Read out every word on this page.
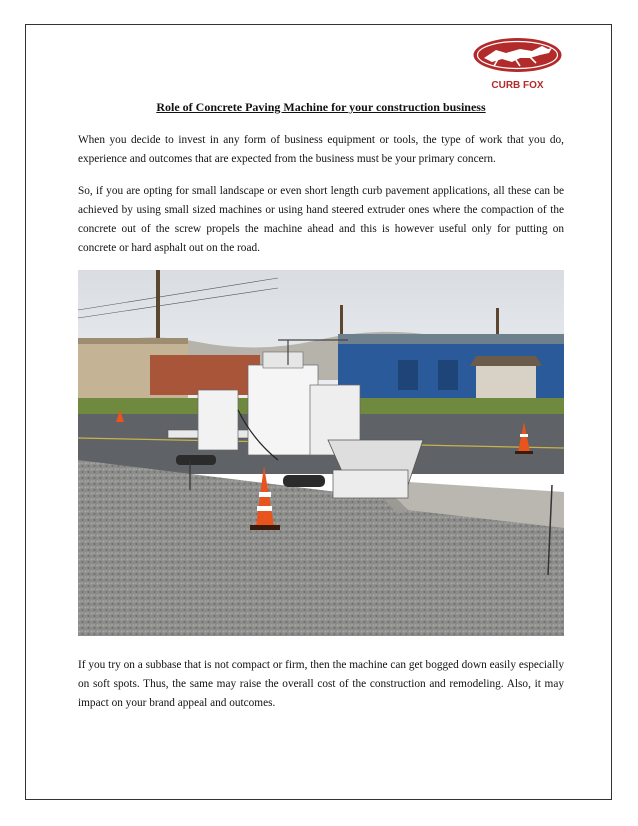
CURB FOX
Role of Concrete Paving Machine for your construction business

When you decide to invest in any form of business equipment or tools, the type of work that you do, experience and outcomes that are expected from the business must be your primary concern.

So, if you are opting for small landscape or even short length curb pavement applications, all these can be achieved by using small sized machines or using hand steered extruder ones where the compaction of the concrete out of the screw propels the machine ahead and this is however useful only for putting on concrete or hard asphalt out on the road.

If you try on a subbase that is not compact or firm, then the machine can get bogged down easily especially on soft spots. Thus, the same may raise the overall cost of the construction and remodeling. Also, it may impact on your brand appeal and outcomes.
